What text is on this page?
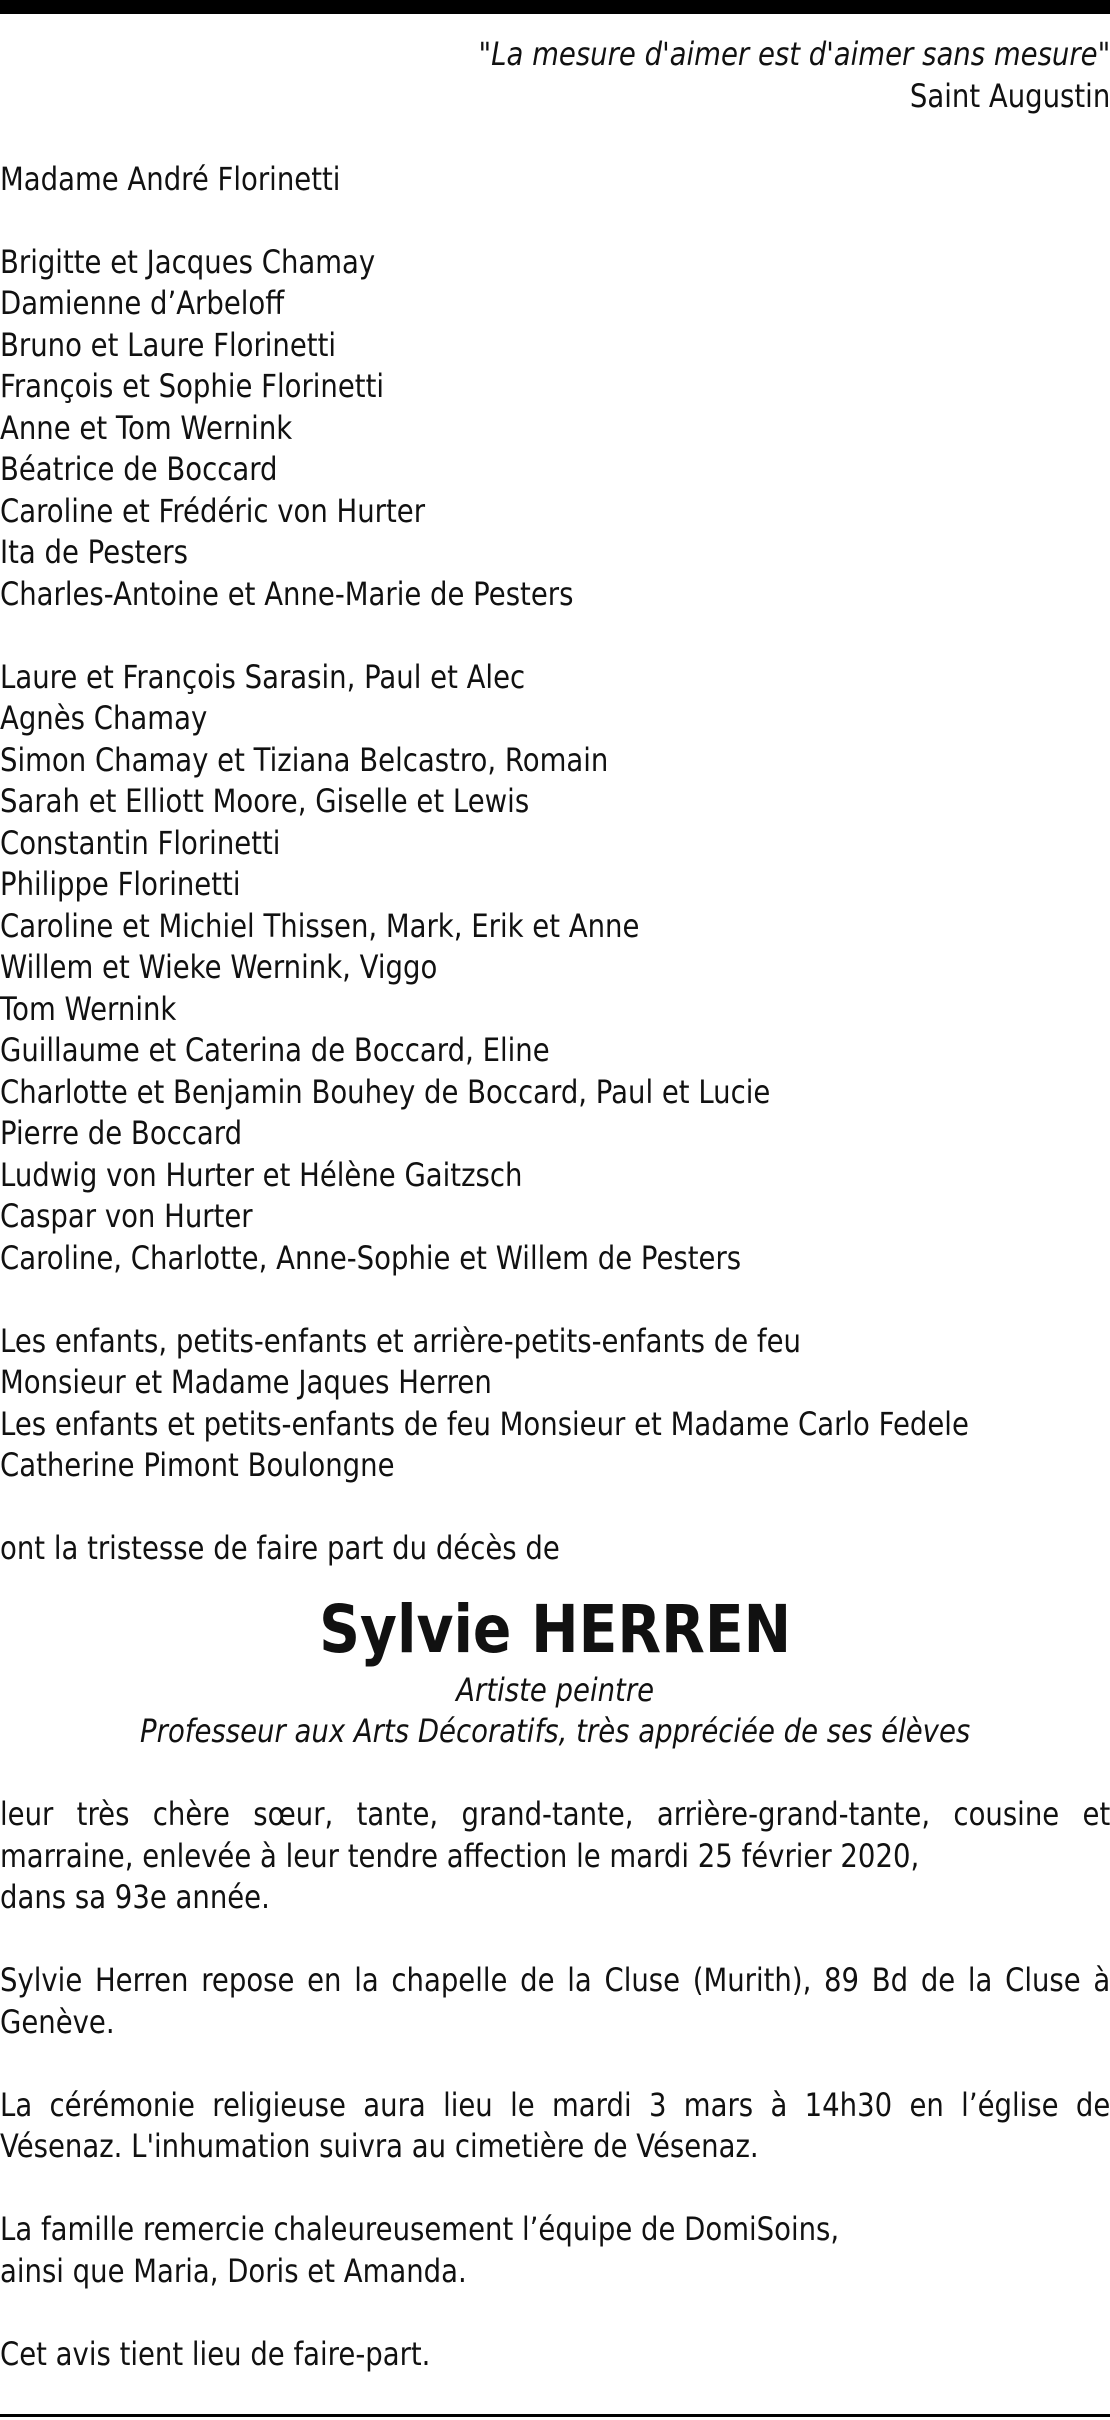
"La mesure d'aimer est d'aimer sans mesure"
Saint Augustin
Madame André Florinetti
Brigitte et Jacques Chamay
Damienne d’Arbeloff
Bruno et Laure Florinetti
François et Sophie Florinetti
Anne et Tom Wernink
Béatrice de Boccard
Caroline et Frédéric von Hurter
Ita de Pesters
Charles-Antoine et Anne-Marie de Pesters
Laure et François Sarasin, Paul et Alec
Agnès Chamay
Simon Chamay et Tiziana Belcastro, Romain
Sarah et Elliott Moore, Giselle et Lewis
Constantin Florinetti
Philippe Florinetti
Caroline et Michiel Thissen, Mark, Erik et Anne
Willem et Wieke Wernink, Viggo
Tom Wernink
Guillaume et Caterina de Boccard, Eline
Charlotte et Benjamin Bouhey de Boccard, Paul et Lucie
Pierre de Boccard
Ludwig von Hurter et Hélène Gaitzsch
Caspar von Hurter
Caroline, Charlotte, Anne-Sophie et Willem de Pesters
Les enfants, petits-enfants et arrière-petits-enfants de feu
Monsieur et Madame Jaques Herren
Les enfants et petits-enfants de feu Monsieur et Madame Carlo Fedele
Catherine Pimont Boulongne
ont la tristesse de faire part du décès de
Sylvie HERREN
Artiste peintre
Professeur aux Arts Décoratifs, très appréciée de ses élèves
leur très chère sœur, tante, grand-tante, arrière-grand-tante, cousine et marraine, enlevée à leur tendre affection le mardi 25 février 2020,
dans sa 93e année.
Sylvie Herren repose en la chapelle de la Cluse (Murith), 89 Bd de la Cluse à Genève.
La cérémonie religieuse aura lieu le mardi 3 mars à 14h30 en l’église de Vésenaz. L'inhumation suivra au cimetière de Vésenaz.
La famille remercie chaleureusement l’équipe de DomiSoins,
ainsi que Maria, Doris et Amanda.
Cet avis tient lieu de faire-part.
